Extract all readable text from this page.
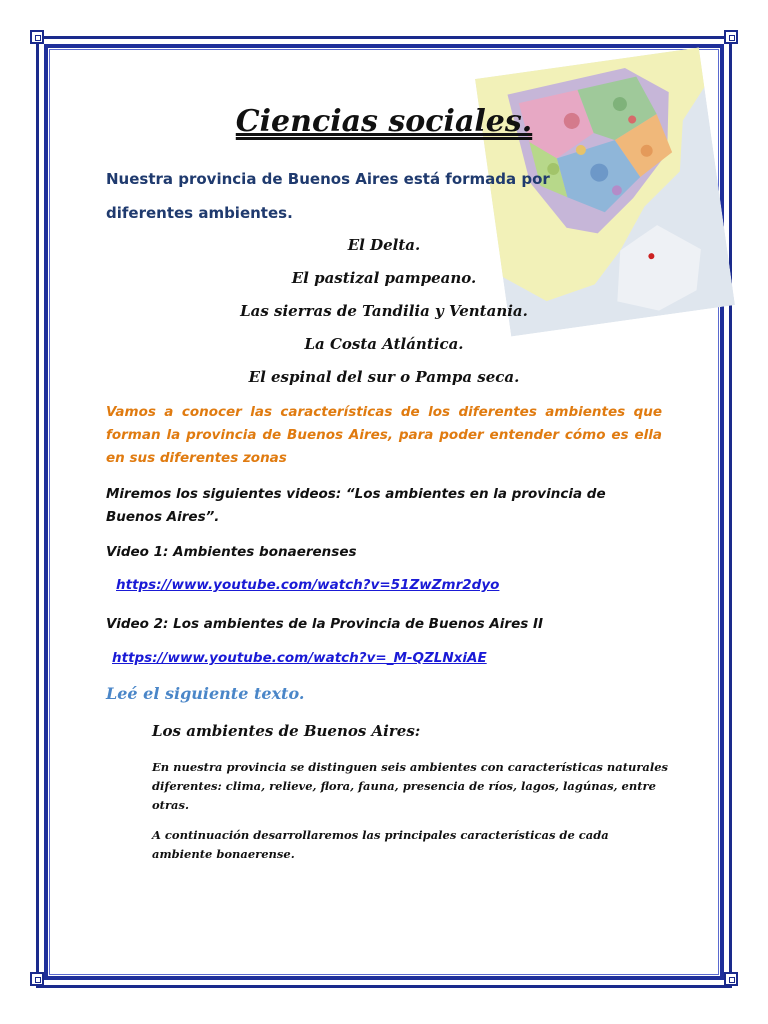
Ciencias sociales.

Nuestra provincia de Buenos Aires está formada por diferentes ambientes.

El Delta.

El pastizal pampeano.

Las sierras de Tandilia y Ventania.

La Costa Atlántica.

El espinal del sur o Pampa seca.

Vamos a conocer las características de los diferentes ambientes que forman la provincia de Buenos Aires, para poder entender cómo es ella en sus diferentes zonas

Miremos los siguientes videos: “Los ambientes en la provincia de Buenos Aires”.

Video 1: Ambientes bonaerenses

https://www.youtube.com/watch?v=51ZwZmr2dyo

Video 2: Los ambientes de la Provincia de Buenos Aires II

https://www.youtube.com/watch?v=_M-QZLNxiAE

Leé el siguiente texto.

Los ambientes de Buenos Aires:

En nuestra provincia se distinguen seis ambientes con características naturales diferentes: clima, relieve, flora, fauna, presencia de ríos, lagos, lagúnas, entre otras.

A continuación desarrollaremos las principales características de cada ambiente bonaerense.
